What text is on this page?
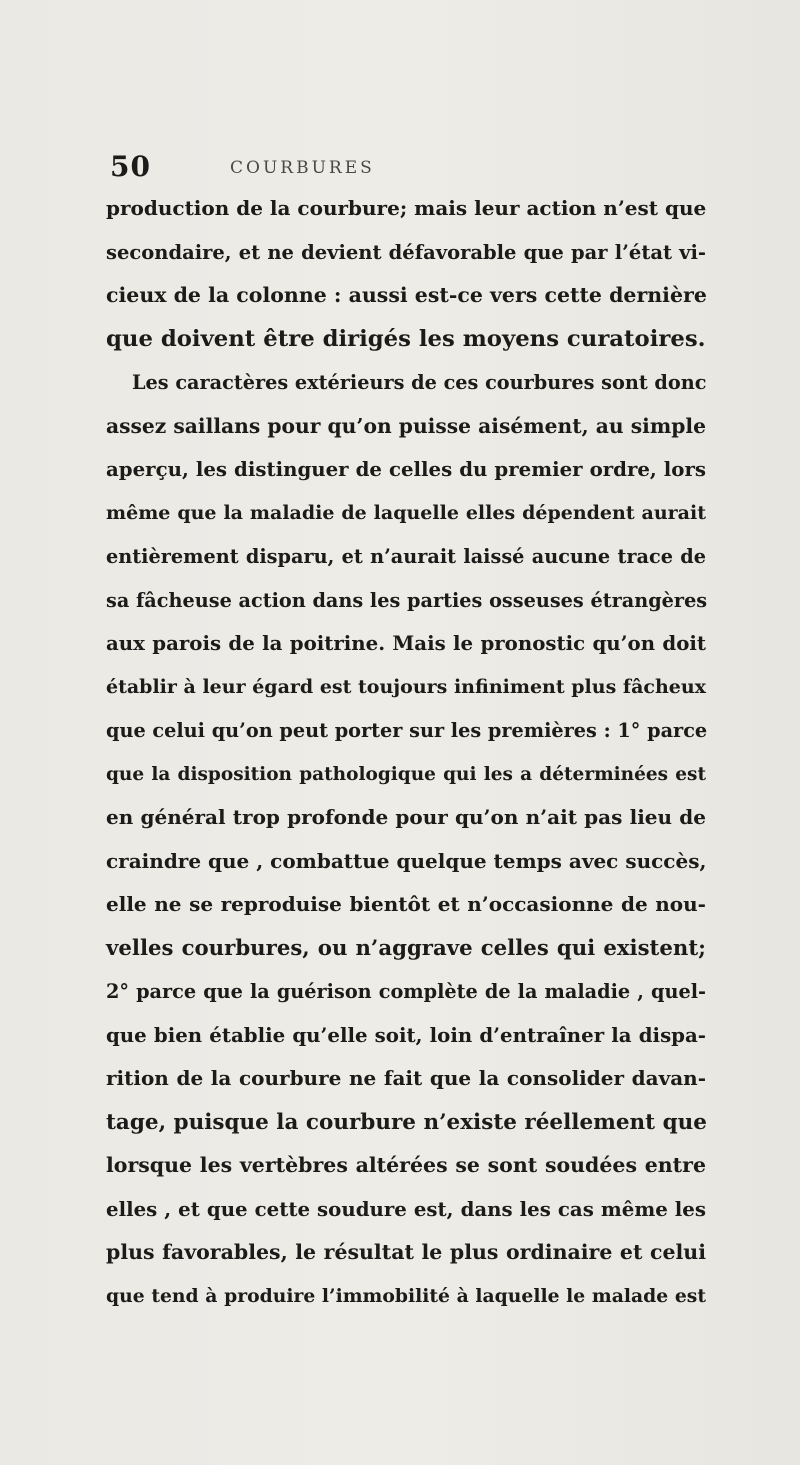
50	COURBURES
production de la courbure; mais leur action n’est que
secondaire, et ne devient défavorable que par l’état vi-
cieux de la colonne : aussi est-ce vers cette dernière
que doivent être dirigés les moyens curatoires.
Les caractères extérieurs de ces courbures sont donc
assez saillans pour qu’on puisse aisément, au simple
aperçu, les distinguer de celles du premier ordre, lors
même que la maladie de laquelle elles dépendent aurait
entièrement disparu, et n’aurait laissé aucune trace de
sa fâcheuse action dans les parties osseuses étrangères
aux parois de la poitrine. Mais le pronostic qu’on doit
établir à leur égard est toujours infiniment plus fâcheux
que celui qu’on peut porter sur les premières : 1° parce
que la disposition pathologique qui les a déterminées est
en général trop profonde pour qu’on n’ait pas lieu de
craindre que , combattue quelque temps avec succès,
elle ne se reproduise bientôt et n’occasionne de nou-
velles courbures, ou n’aggrave celles qui existent;
2° parce que la guérison complète de la maladie , quel-
que bien établie qu’elle soit, loin d’entraîner la dispa-
rition de la courbure ne fait que la consolider davan-
tage, puisque la courbure n’existe réellement que
lorsque les vertèbres altérées se sont soudées entre
elles , et que cette soudure est, dans les cas même les
plus favorables, le résultat le plus ordinaire et celui
que tend à produire l’immobilité à laquelle le malade est
